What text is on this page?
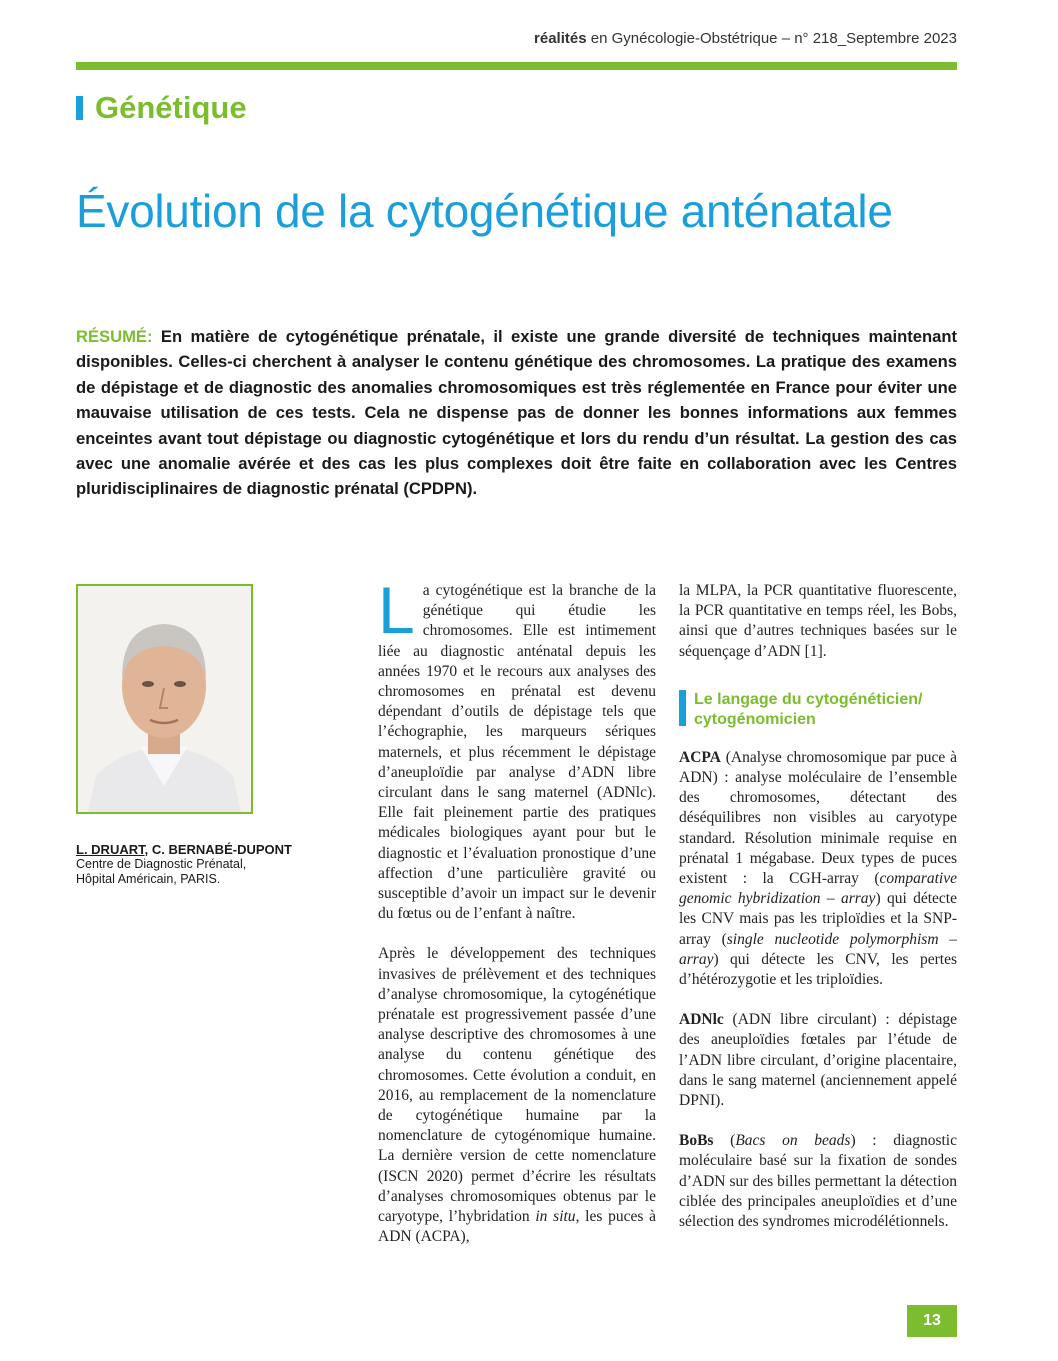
réalités en Gynécologie-Obstétrique – n° 218_Septembre 2023
Génétique
Évolution de la cytogénétique anténatale
RÉSUMÉ: En matière de cytogénétique prénatale, il existe une grande diversité de techniques maintenant disponibles. Celles-ci cherchent à analyser le contenu génétique des chromosomes. La pratique des examens de dépistage et de diagnostic des anomalies chromosomiques est très réglementée en France pour éviter une mauvaise utilisation de ces tests. Cela ne dispense pas de donner les bonnes informations aux femmes enceintes avant tout dépistage ou diagnostic cytogénétique et lors du rendu d’un résultat. La gestion des cas avec une anomalie avérée et des cas les plus complexes doit être faite en collaboration avec les Centres pluridisciplinaires de diagnostic prénatal (CPDPN).
L. DRUART, C. BERNABÉ-DUPONT
Centre de Diagnostic Prénatal,
Hôpital Américain, PARIS.

La cytogénétique est la branche de la génétique qui étudie les chromosomes. Elle est intimement liée au diagnostic anténatal depuis les années 1970 et le recours aux analyses des chromosomes en prénatal est devenu dépendant d’outils de dépistage tels que l’échographie, les marqueurs sériques maternels, et plus récemment le dépistage d’aneuploïdie par analyse d’ADN libre circulant dans le sang maternel (ADNlc). Elle fait pleinement partie des pratiques médicales biologiques ayant pour but le diagnostic et l’évaluation pronostique d’une affection d’une particulière gravité ou susceptible d’avoir un impact sur le devenir du fœtus ou de l’enfant à naître.

Après le développement des techniques invasives de prélèvement et des techniques d’analyse chromosomique, la cytogénétique prénatale est progressivement passée d’une analyse descriptive des chromosomes à une analyse du contenu génétique des chromosomes. Cette évolution a conduit, en 2016, au remplacement de la nomenclature de cytogénétique humaine par la nomenclature de cytogénomique humaine. La dernière version de cette nomenclature (ISCN 2020) permet d’écrire les résultats d’analyses chromosomiques obtenus par le caryotype, l’hybridation in situ, les puces à ADN (ACPA),

la MLPA, la PCR quantitative fluorescente, la PCR quantitative en temps réel, les Bobs, ainsi que d’autres techniques basées sur le séquençage d’ADN [1].

Le langage du cytogénéticien/ cytogénomicien

ACPA (Analyse chromosomique par puce à ADN) : analyse moléculaire de l’ensemble des chromosomes, détectant des déséquilibres non visibles au caryotype standard. Résolution minimale requise en prénatal 1 mégabase. Deux types de puces existent : la CGH-array (comparative genomic hybridization – array) qui détecte les CNV mais pas les triploïdies et la SNP-array (single nucleotide polymorphism – array) qui détecte les CNV, les pertes d’hétérozygotie et les triploïdies.

ADNlc (ADN libre circulant) : dépistage des aneuploïdies fœtales par l’étude de l’ADN libre circulant, d’origine placentaire, dans le sang maternel (anciennement appelé DPNI).

BoBs (Bacs on beads) : diagnostic moléculaire basé sur la fixation de sondes d’ADN sur des billes permettant la détection ciblée des principales aneuploïdies et d’une sélection des syndromes microdélétionnels.

13
